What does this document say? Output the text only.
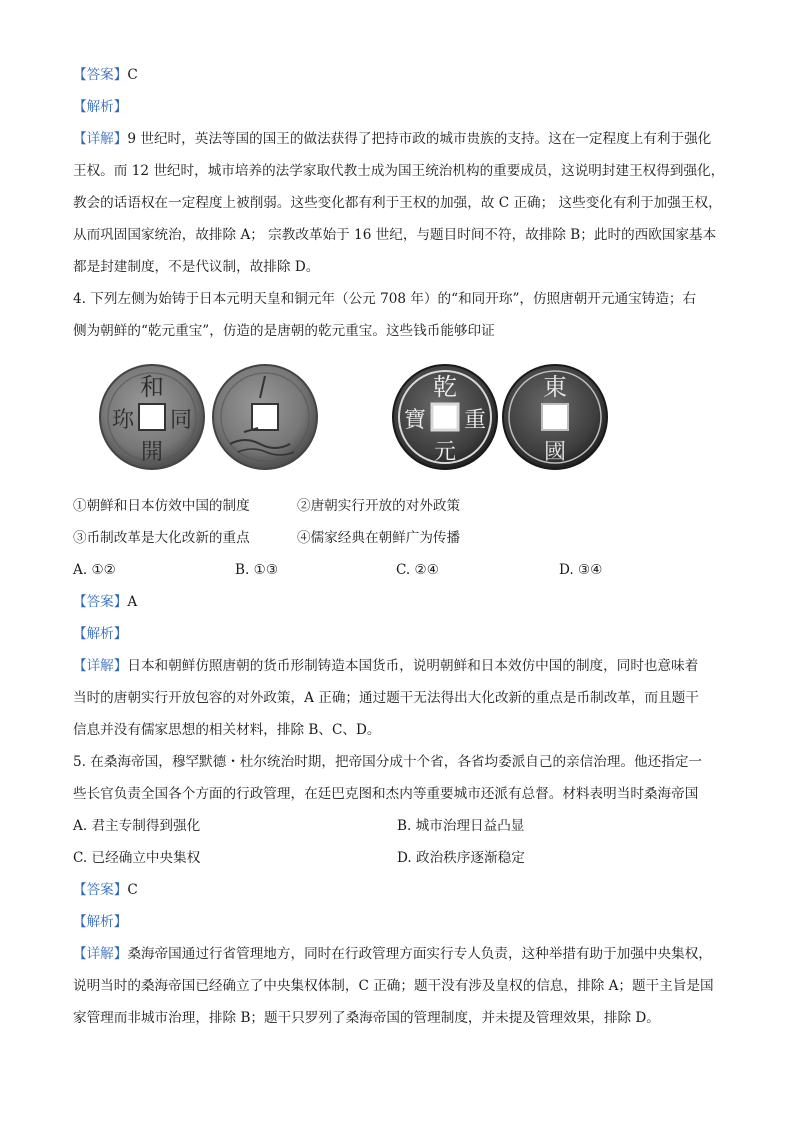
【答案】C
【解析】
【详解】9 世纪时，英法等国的国王的做法获得了把持市政的城市贵族的支持。这在一定程度上有利于强化
王权。而 12 世纪时，城市培养的法学家取代教士成为国王统治机构的重要成员，这说明封建王权得到强化，
教会的话语权在一定程度上被削弱。这些变化都有利于王权的加强，故 C 正确； 这些变化有利于加强王权，
从而巩固国家统治，故排除 A； 宗教改革始于 16 世纪，与题目时间不符，故排除 B；此时的西欧国家基本
都是封建制度，不是代议制，故排除 D。
4. 下列左侧为始铸于日本元明天皇和铜元年（公元 708 年）的“和同开珎”，仿照唐朝开元通宝铸造；右
侧为朝鲜的“乾元重宝”，仿造的是唐朝的乾元重宝。这些钱币能够印证
和
同
開
珎
乾
重
元
寶
東
國
①朝鲜和日本仿效中国的制度	②唐朝实行开放的对外政策
③币制改革是大化改新的重点	④儒家经典在朝鲜广为传播
A. ①②	B. ①③	C. ②④	D. ③④
【答案】A
【解析】
【详解】日本和朝鲜仿照唐朝的货币形制铸造本国货币，说明朝鲜和日本效仿中国的制度，同时也意味着
当时的唐朝实行开放包容的对外政策，A 正确；通过题干无法得出大化改新的重点是币制改革，而且题干
信息并没有儒家思想的相关材料，排除 B、C、D。
5. 在桑海帝国，穆罕默德・杜尔统治时期，把帝国分成十个省，各省均委派自己的亲信治理。他还指定一
些长官负责全国各个方面的行政管理，在廷巴克图和杰内等重要城市还派有总督。材料表明当时桑海帝国
A. 君主专制得到强化	B. 城市治理日益凸显
C. 已经确立中央集权	D. 政治秩序逐渐稳定
【答案】C
【解析】
【详解】桑海帝国通过行省管理地方，同时在行政管理方面实行专人负责，这种举措有助于加强中央集权，
说明当时的桑海帝国已经确立了中央集权体制，C 正确；题干没有涉及皇权的信息，排除 A；题干主旨是国
家管理而非城市治理，排除 B；题干只罗列了桑海帝国的管理制度，并未提及管理效果，排除 D。
